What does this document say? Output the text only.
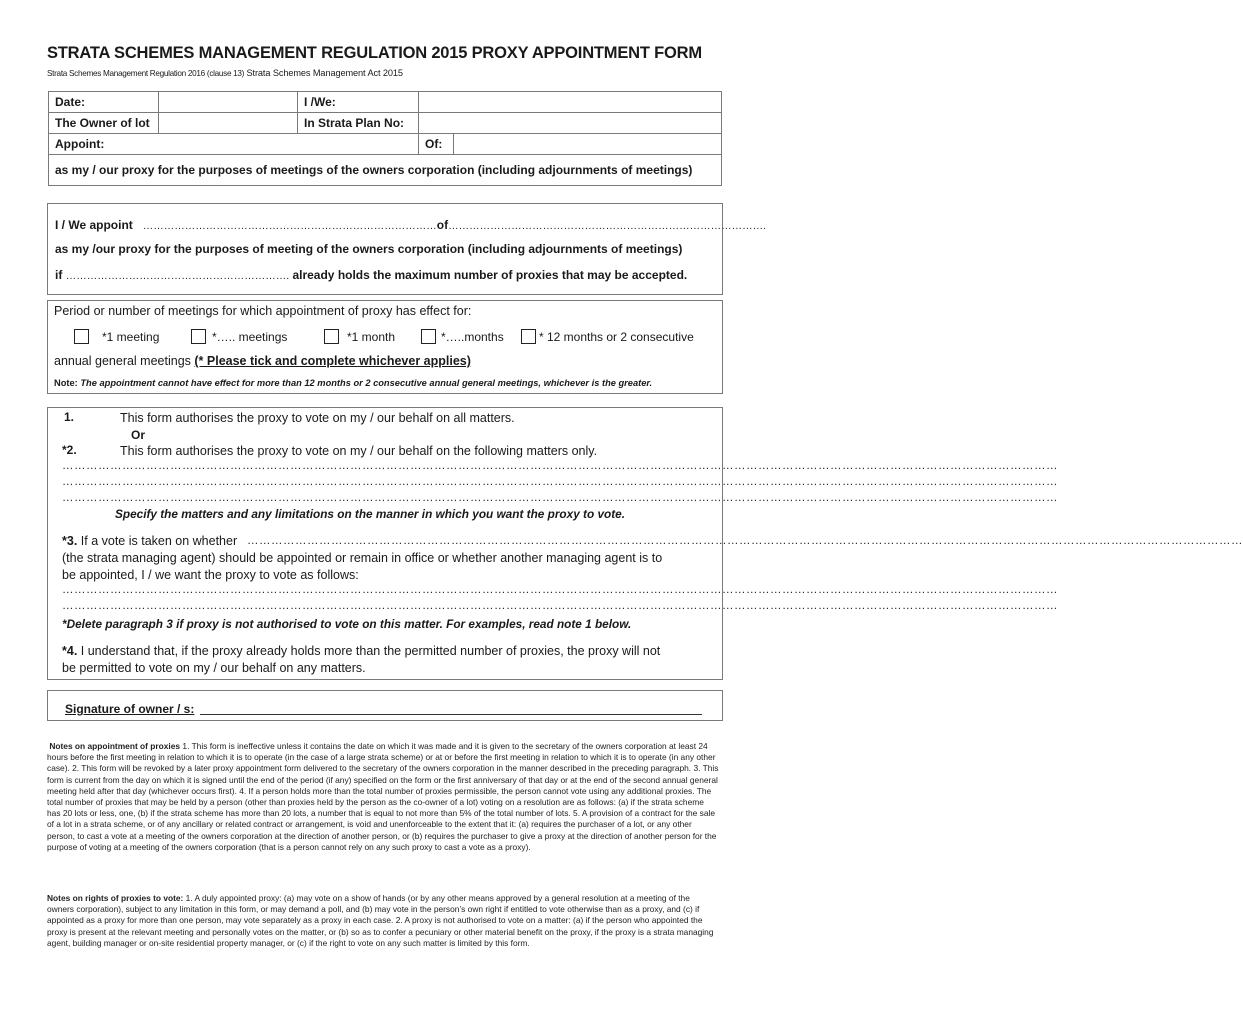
STRATA SCHEMES MANAGEMENT REGULATION 2015 PROXY APPOINTMENT FORM
Strata Schemes Management Regulation 2016 (clause 13) Strata Schemes Management Act 2015
Date:		I /We:		
The Owner of lot		In Strata Plan No:		
Appoint:			Of:	
as my / our proxy for the purposes of meetings of the owners corporation (including adjournments of meetings)				
I / We appoint …………………………………………………………………………of……………………………………………………………………………….
as my /our proxy for the purposes of meeting of the owners corporation (including adjournments of meetings)
if ………………………………………………………. already holds the maximum number of proxies that may be accepted.
Period or number of meetings for which appointment of proxy has effect for:
*1 meeting	*….. meetings	*1 month	*…..months	* 12 months or 2 consecutive
annual general meetings (* Please tick and complete whichever applies)
Note: The appointment cannot have effect for more than 12 months or 2 consecutive annual general meetings, whichever is the greater.
1.	This form authorises the proxy to vote on my / our behalf on all matters.
Or
*2.	This form authorises the proxy to vote on my / our behalf on the following matters only.
……………………………………………………………………………………………………………………………………………………………………………………………………………………………
……………………………………………………………………………………………………………………………………………………………………………………………………………………………
……………………………………………………………………………………………………………………………………………………………………………………………………………………………
Specify the matters and any limitations on the manner in which you want the proxy to vote.
*3. If a vote is taken on whether ……………………………………………………………………………………………………………………………………………………………………………………………………………………………
(the strata managing agent) should be appointed or remain in office or whether another managing agent is to
be appointed, I / we want the proxy to vote as follows:
……………………………………………………………………………………………………………………………………………………………………………………………………………………………
……………………………………………………………………………………………………………………………………………………………………………………………………………………………
*Delete paragraph 3 if proxy is not authorised to vote on this matter. For examples, read note 1 below.
*4. I understand that, if the proxy already holds more than the permitted number of proxies, the proxy will not
be permitted to vote on my / our behalf on any matters.
Signature of owner / s:

Notes on appointment of proxies 1. This form is ineffective unless it contains the date on which it was made and it is given to the secretary of the owners corporation at least 24 hours before the first meeting in relation to which it is to operate (in the case of a large strata scheme) or at or before the first meeting in relation to which it is to operate (in any other case). 2. This form will be revoked by a later proxy appointment form delivered to the secretary of the owners corporation in the manner described in the preceding paragraph. 3. This form is current from the day on which it is signed until the end of the period (if any) specified on the form or the first anniversary of that day or at the end of the second annual general meeting held after that day (whichever occurs first). 4. If a person holds more than the total number of proxies permissible, the person cannot vote using any additional proxies. The total number of proxies that may be held by a person (other than proxies held by the person as the co-owner of a lot) voting on a resolution are as follows: (a) if the strata scheme has 20 lots or less, one, (b) if the strata scheme has more than 20 lots, a number that is equal to not more than 5% of the total number of lots. 5. A provision of a contract for the sale of a lot in a strata scheme, or of any ancillary or related contract or arrangement, is void and unenforceable to the extent that it: (a) requires the purchaser of a lot, or any other person, to cast a vote at a meeting of the owners corporation at the direction of another person, or (b) requires the purchaser to give a proxy at the direction of another person for the purpose of voting at a meeting of the owners corporation (that is a person cannot rely on any such proxy to cast a vote as a proxy).

Notes on rights of proxies to vote: 1. A duly appointed proxy: (a) may vote on a show of hands (or by any other means approved by a general resolution at a meeting of the owners corporation), subject to any limitation in this form, or may demand a poll, and (b) may vote in the person’s own right if entitled to vote otherwise than as a proxy, and (c) if appointed as a proxy for more than one person, may vote separately as a proxy in each case. 2. A proxy is not authorised to vote on a matter: (a) if the person who appointed the proxy is present at the relevant meeting and personally votes on the matter, or (b) so as to confer a pecuniary or other material benefit on the proxy, if the proxy is a strata managing agent, building manager or on-site residential property manager, or (c) if the right to vote on any such matter is limited by this form.
